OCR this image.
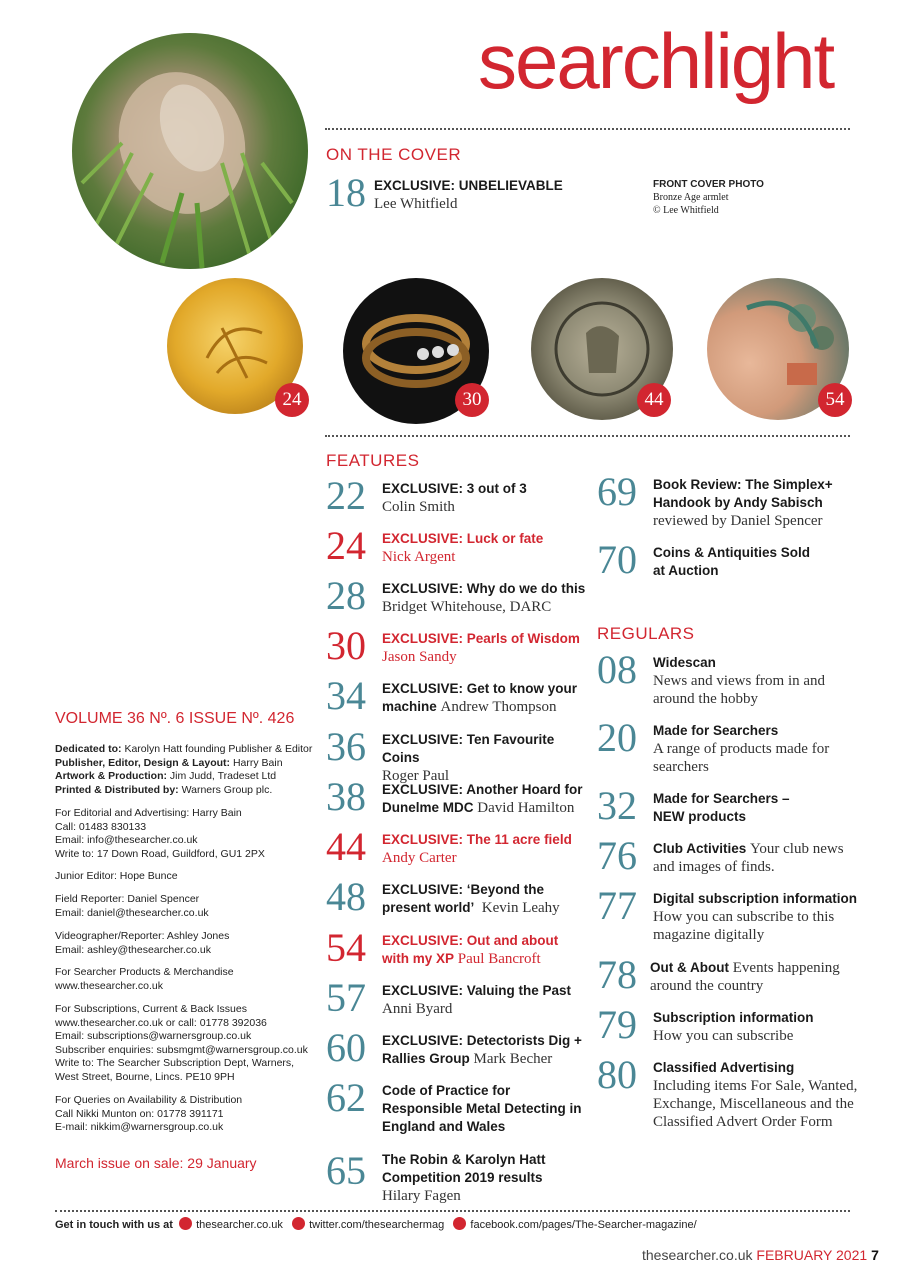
searchlight
ON THE COVER
18 EXCLUSIVE: UNBELIEVABLE
Lee Whitfield
FRONT COVER PHOTO
Bronze Age armlet
© Lee Whitfield
24	30	44	54
FEATURES
22 EXCLUSIVE: 3 out of 3
Colin Smith
24 EXCLUSIVE: Luck or fate
Nick Argent
28 EXCLUSIVE: Why do we do this
Bridget Whitehouse, DARC
30 EXCLUSIVE: Pearls of Wisdom
Jason Sandy
34 EXCLUSIVE: Get to know your machine Andrew Thompson
36 EXCLUSIVE: Ten Favourite Coins
Roger Paul
38 EXCLUSIVE: Another Hoard for Dunelme MDC David Hamilton
44 EXCLUSIVE: The 11 acre field
Andy Carter
48 EXCLUSIVE: ‘Beyond the present world’ Kevin Leahy
54 EXCLUSIVE: Out and about with my XP Paul Bancroft
57 EXCLUSIVE: Valuing the Past
Anni Byard
60 EXCLUSIVE: Detectorists Dig + Rallies Group Mark Becher
62 Code of Practice for Responsible Metal Detecting in England and Wales
65 The Robin & Karolyn Hatt Competition 2019 results
Hilary Fagen
69 Book Review: The Simplex+ Handook by Andy Sabisch
reviewed by Daniel Spencer
70 Coins & Antiquities Sold at Auction
REGULARS
08 Widescan
News and views from in and around the hobby
20 Made for Searchers
A range of products made for searchers
32 Made for Searchers – NEW products
76 Club Activities Your club news and images of finds.
77 Digital subscription information
How you can subscribe to this magazine digitally
78 Out & About Events happening around the country
79 Subscription information
How you can subscribe
80 Classified Advertising
Including items For Sale, Wanted, Exchange, Miscellaneous and the Classified Advert Order Form
VOLUME 36 Nº. 6 ISSUE Nº. 426
Dedicated to: Karolyn Hatt founding Publisher & Editor
Publisher, Editor, Design & Layout: Harry Bain
Artwork & Production: Jim Judd, Tradeset Ltd
Printed & Distributed by: Warners Group plc.
For Editorial and Advertising: Harry Bain
Call: 01483 830133
Email: info@thesearcher.co.uk
Write to: 17 Down Road, Guildford, GU1 2PX
Junior Editor: Hope Bunce
Field Reporter: Daniel Spencer
Email: daniel@thesearcher.co.uk
Videographer/Reporter: Ashley Jones
Email: ashley@thesearcher.co.uk
For Searcher Products & Merchandise
www.thesearcher.co.uk
For Subscriptions, Current & Back Issues
www.thesearcher.co.uk or call: 01778 392036
Email: subscriptions@warnersgroup.co.uk
Subscriber enquiries: subsmgmt@warnersgroup.co.uk
Write to: The Searcher Subscription Dept, Warners,
West Street, Bourne, Lincs. PE10 9PH
For Queries on Availability & Distribution
Call Nikki Munton on: 01778 391171
E-mail: nikkim@warnersgroup.co.uk
March issue on sale: 29 January
Get in touch with us at thesearcher.co.uk twitter.com/thesearchermag facebook.com/pages/The-Searcher-magazine/
thesearcher.co.uk FEBRUARY 2021 7
